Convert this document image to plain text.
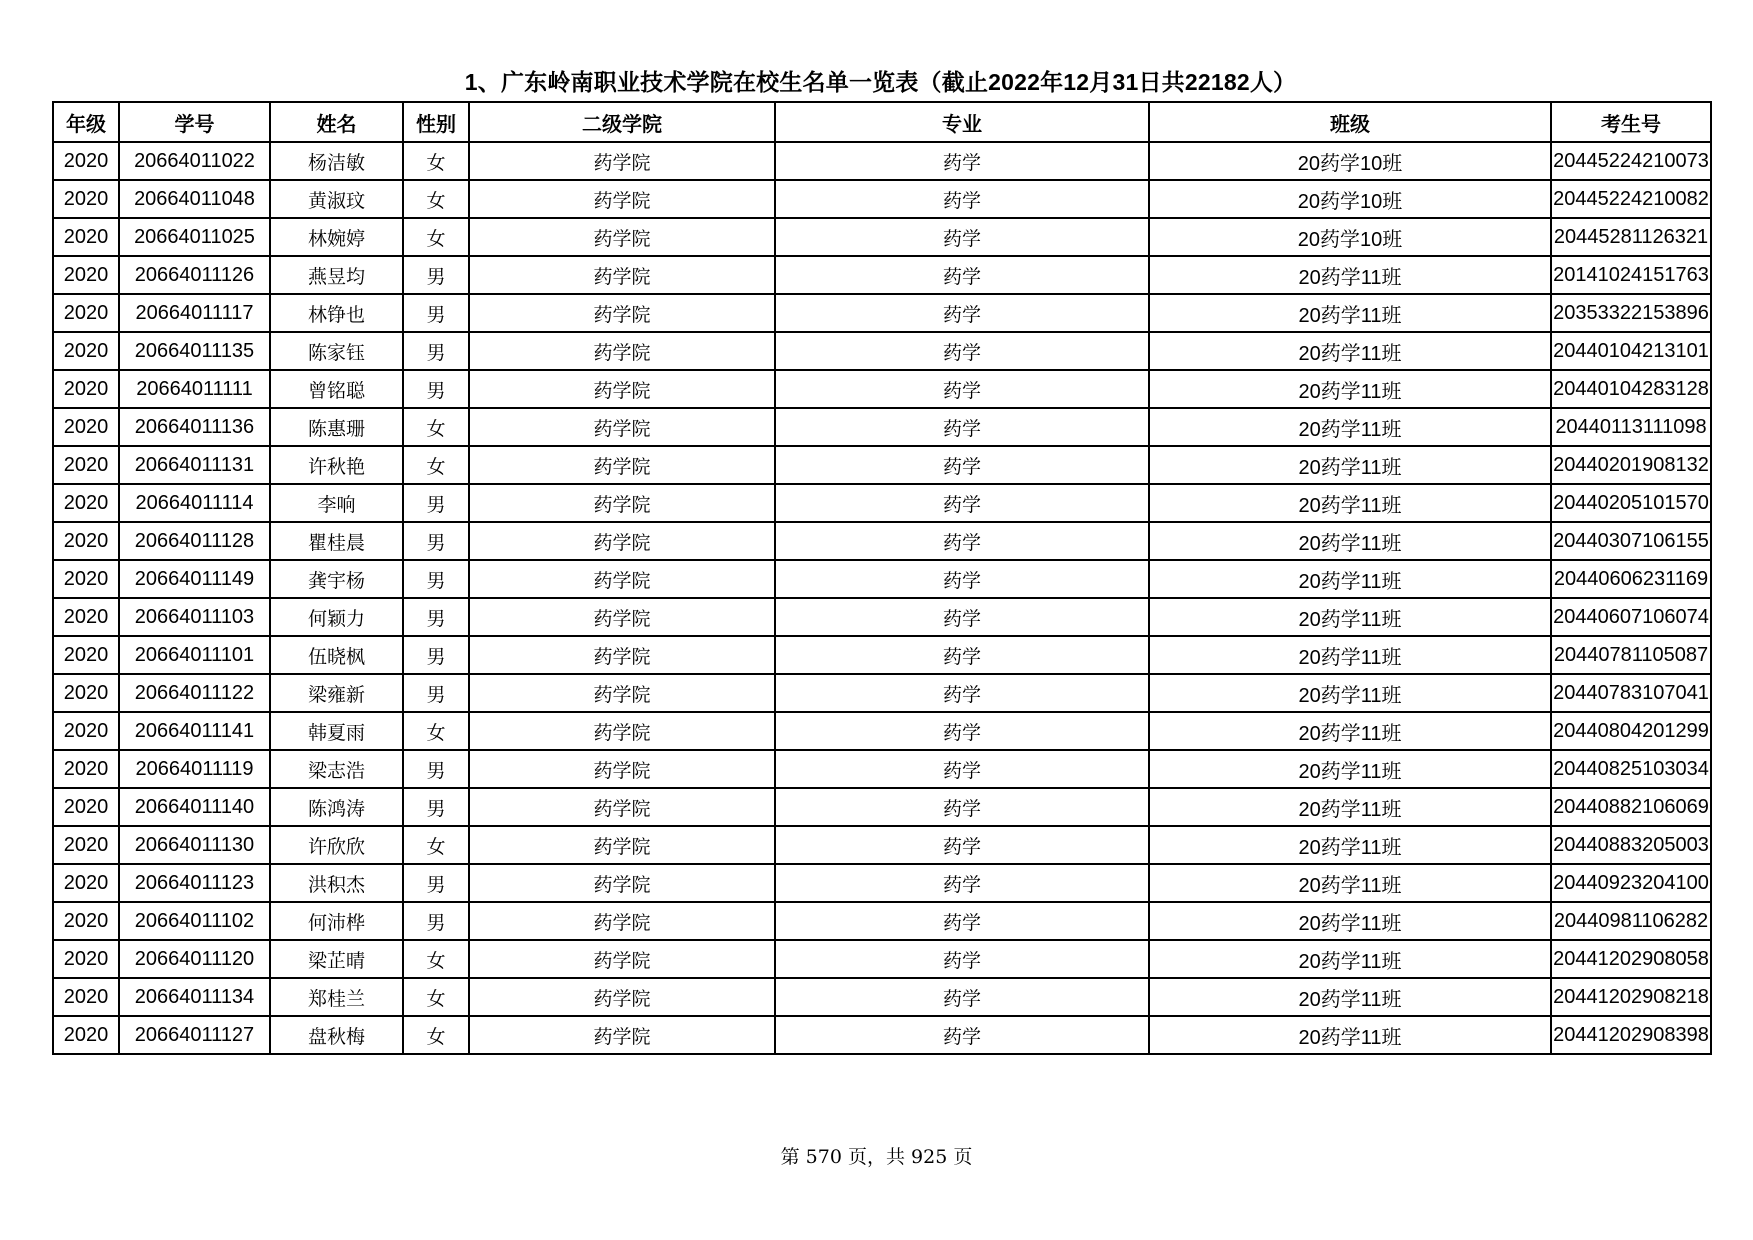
1、广东岭南职业技术学院在校生名单一览表（截止2022年12月31日共22182人）
年级	学号	姓名	性别	二级学院	专业	班级	考生号
2020	20664011022	杨洁敏	女	药学院	药学	20药学10班	20445224210073
2020	20664011048	黄淑玟	女	药学院	药学	20药学10班	20445224210082
2020	20664011025	林婉婷	女	药学院	药学	20药学10班	20445281126321
2020	20664011126	燕昱均	男	药学院	药学	20药学11班	20141024151763
2020	20664011117	林铮也	男	药学院	药学	20药学11班	20353322153896
2020	20664011135	陈家钰	男	药学院	药学	20药学11班	20440104213101
2020	20664011111	曾铭聪	男	药学院	药学	20药学11班	20440104283128
2020	20664011136	陈惠珊	女	药学院	药学	20药学11班	20440113111098
2020	20664011131	许秋艳	女	药学院	药学	20药学11班	20440201908132
2020	20664011114	李响	男	药学院	药学	20药学11班	20440205101570
2020	20664011128	瞿桂晨	男	药学院	药学	20药学11班	20440307106155
2020	20664011149	龚宇杨	男	药学院	药学	20药学11班	20440606231169
2020	20664011103	何颖力	男	药学院	药学	20药学11班	20440607106074
2020	20664011101	伍晓枫	男	药学院	药学	20药学11班	20440781105087
2020	20664011122	梁雍新	男	药学院	药学	20药学11班	20440783107041
2020	20664011141	韩夏雨	女	药学院	药学	20药学11班	20440804201299
2020	20664011119	梁志浩	男	药学院	药学	20药学11班	20440825103034
2020	20664011140	陈鸿涛	男	药学院	药学	20药学11班	20440882106069
2020	20664011130	许欣欣	女	药学院	药学	20药学11班	20440883205003
2020	20664011123	洪积杰	男	药学院	药学	20药学11班	20440923204100
2020	20664011102	何沛桦	男	药学院	药学	20药学11班	20440981106282
2020	20664011120	梁芷晴	女	药学院	药学	20药学11班	20441202908058
2020	20664011134	郑桂兰	女	药学院	药学	20药学11班	20441202908218
2020	20664011127	盘秋梅	女	药学院	药学	20药学11班	20441202908398
第 570 页，共 925 页
